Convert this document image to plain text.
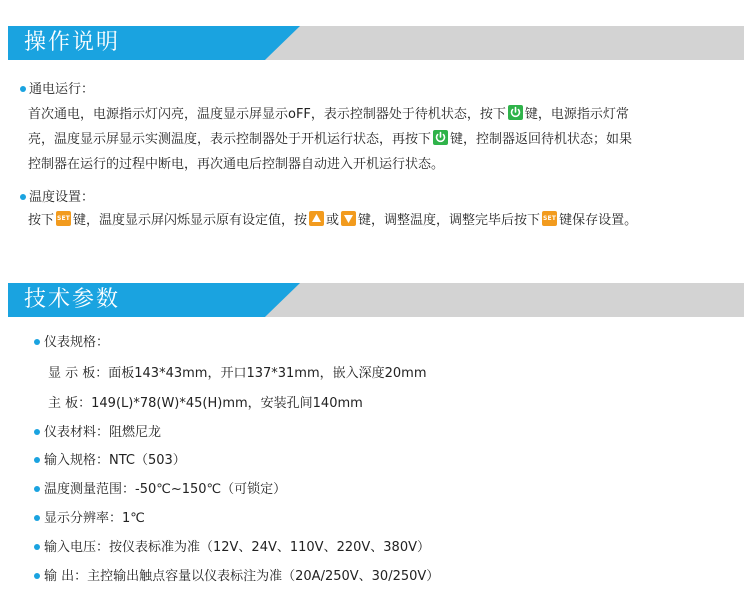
操作说明
通电运行：
首次通电，电源指示灯闪亮，温度显示屏显示oFF，表示控制器处于待机状态，按下 键，电源指示灯常
亮，温度显示屏显示实测温度，表示控制器处于开机运行状态，再按下 键，控制器返回待机状态；如果
控制器在运行的过程中断电，再次通电后控制器自动进入开机运行状态。
温度设置：
按下 SET 键，温度显示屏闪烁显示原有设定值，按 或 键，调整温度，调整完毕后按下 SET 键保存设置。
技术参数
仪表规格：
显 示 板：面板143*43mm，开口137*31mm，嵌入深度20mm
主 板：149(L)*78(W)*45(H)mm，安装孔间140mm
仪表材料：阻燃尼龙
输入规格：NTC（503）
温度测量范围：-50℃~150℃（可锁定）
显示分辨率：1℃
输入电压：按仪表标准为准（12V、24V、110V、220V、380V）
输 出：主控输出触点容量以仪表标注为准（20A/250V、30/250V）
